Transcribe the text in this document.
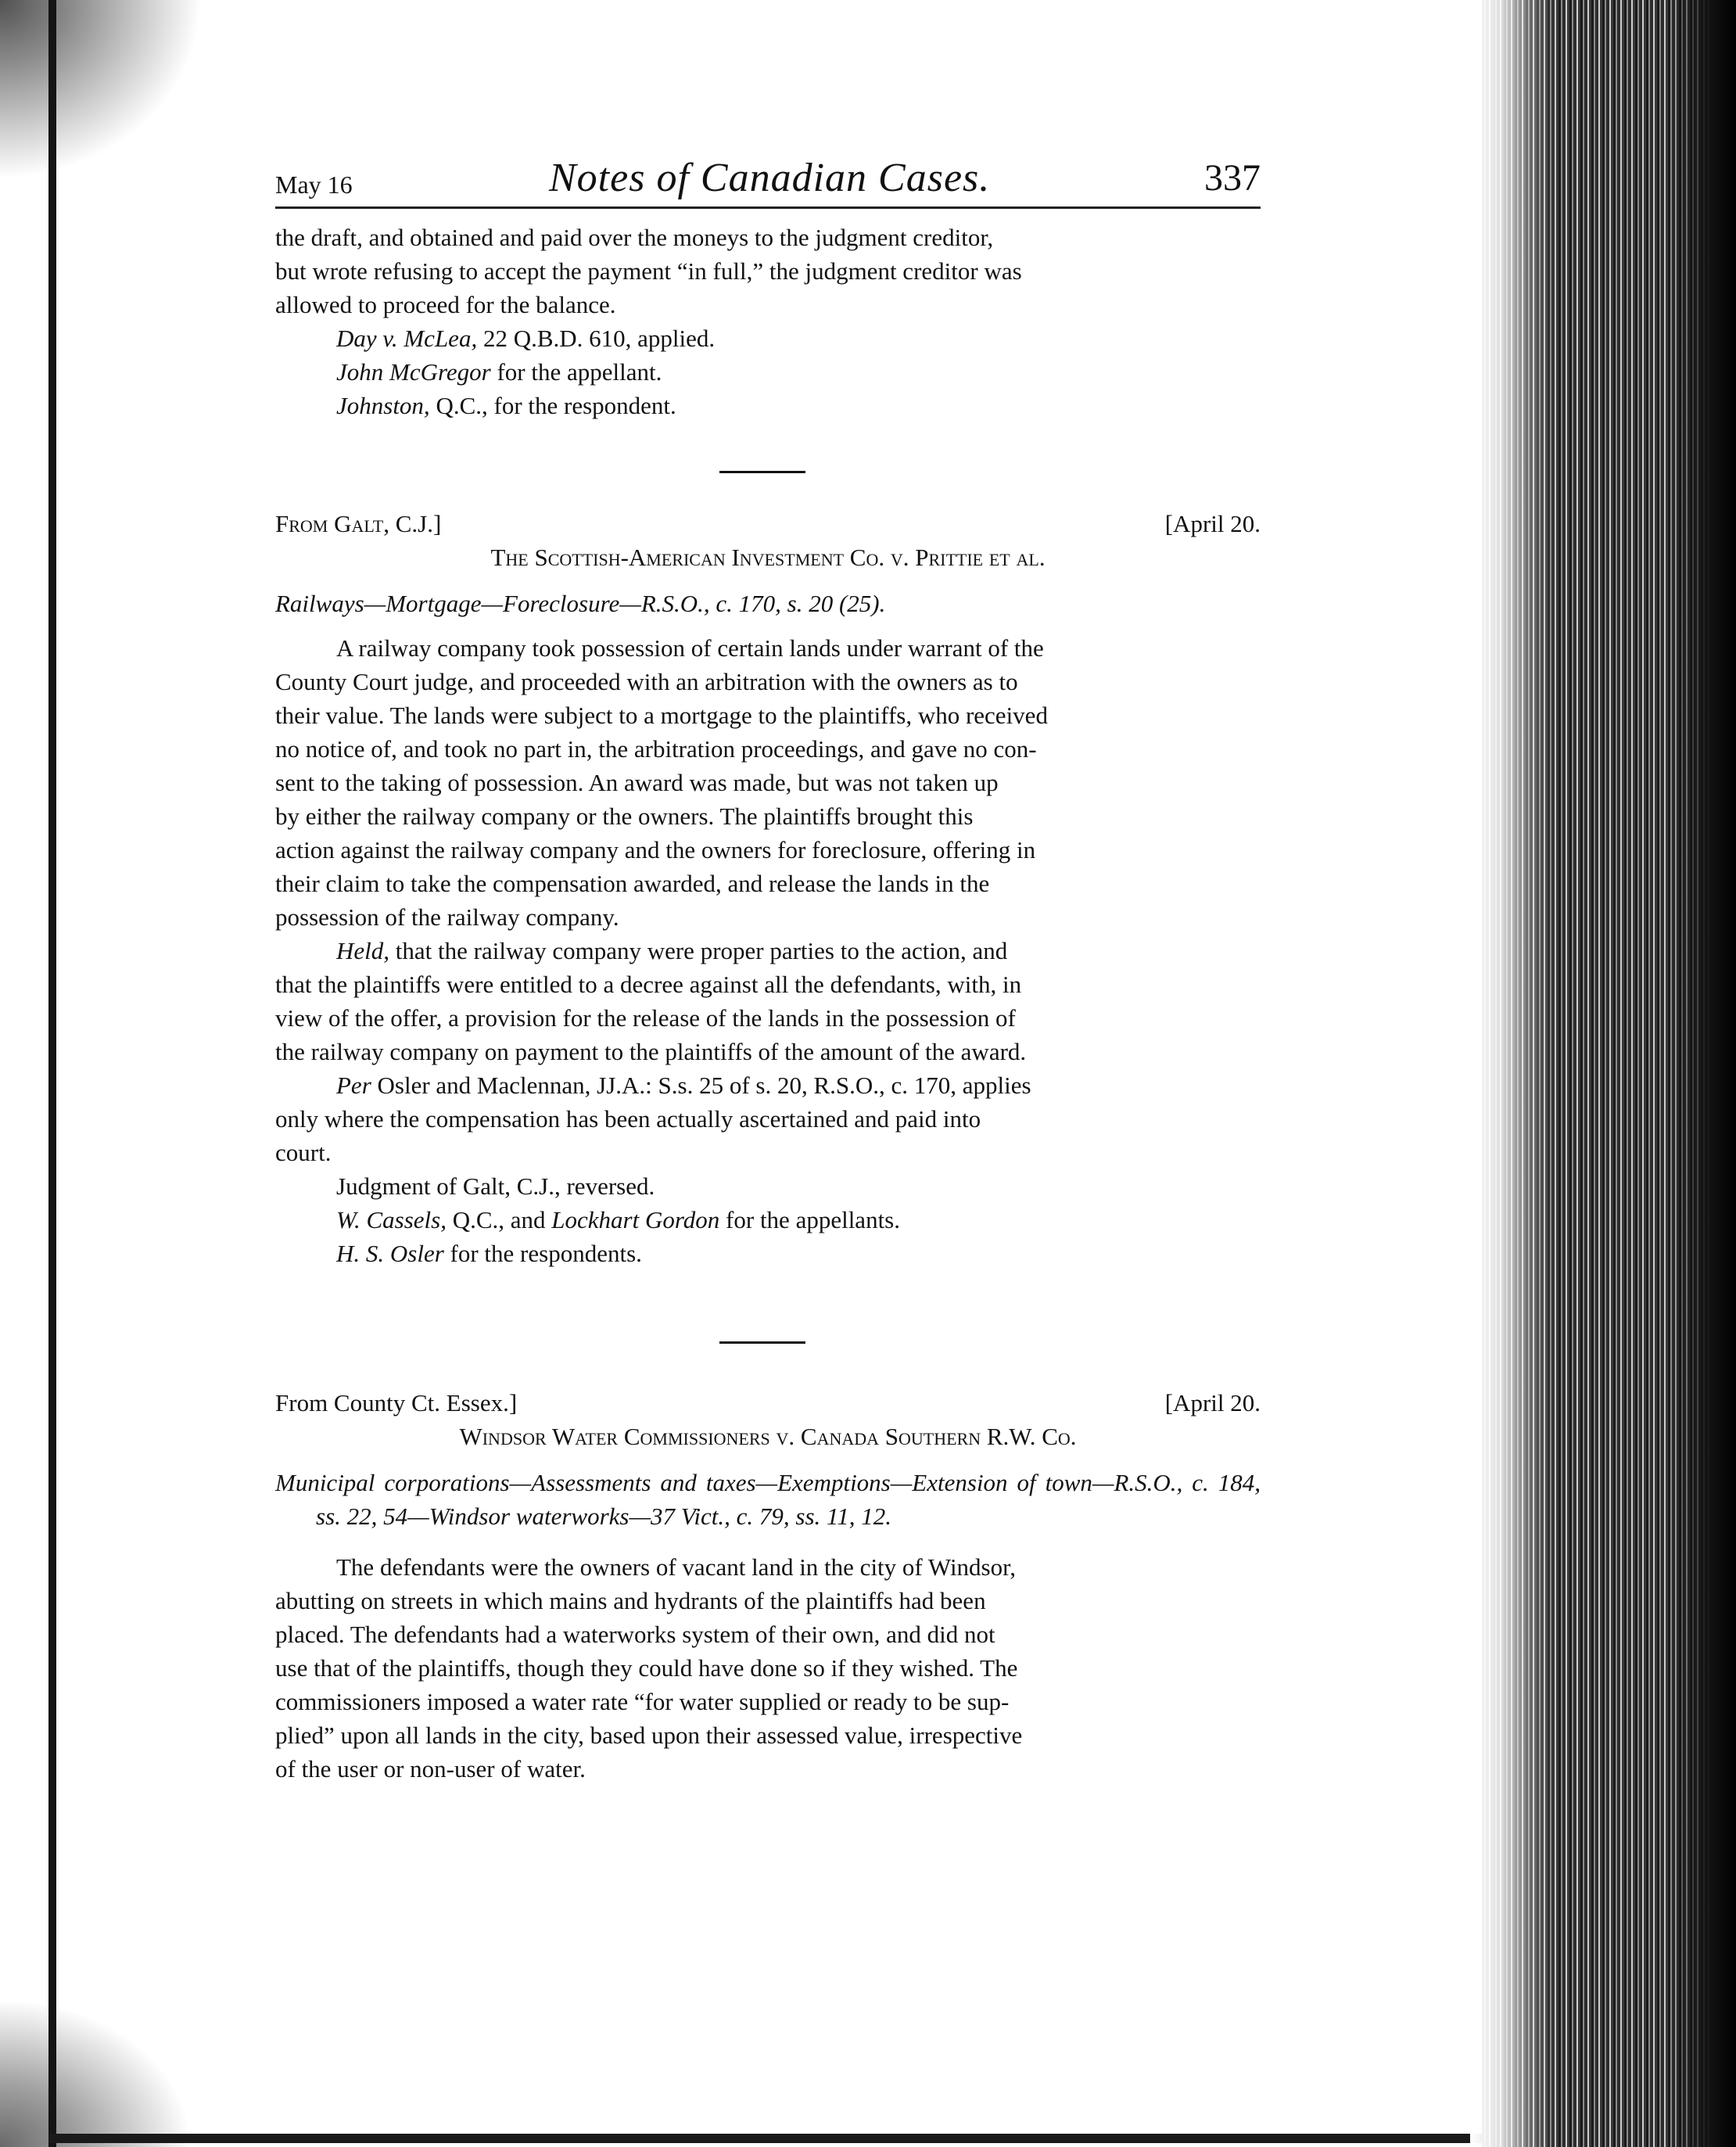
May 16	Notes of Canadian Cases.	337

the draft, and obtained and paid over the moneys to the judgment creditor,

but wrote refusing to accept the payment “in full,” the judgment creditor was

allowed to proceed for the balance.

Day v. McLea, 22 Q.B.D. 610, applied.

John McGregor for the appellant.

Johnston, Q.C., for the respondent.

From Galt, C.J.]	[April 20.

The Scottish-American Investment Co. v. Prittie et al.

Railways—Mortgage—Foreclosure—R.S.O., c. 170, s. 20 (25).

A railway company took possession of certain lands under warrant of the

County Court judge, and proceeded with an arbitration with the owners as to

their value. The lands were subject to a mortgage to the plaintiffs, who received

no notice of, and took no part in, the arbitration proceedings, and gave no con-

sent to the taking of possession. An award was made, but was not taken up

by either the railway company or the owners. The plaintiffs brought this

action against the railway company and the owners for foreclosure, offering in

their claim to take the compensation awarded, and release the lands in the

possession of the railway company.

Held, that the railway company were proper parties to the action, and

that the plaintiffs were entitled to a decree against all the defendants, with, in

view of the offer, a provision for the release of the lands in the possession of

the railway company on payment to the plaintiffs of the amount of the award.

Per Osler and Maclennan, JJ.A.: S.s. 25 of s. 20, R.S.O., c. 170, applies

only where the compensation has been actually ascertained and paid into

court.

Judgment of Galt, C.J., reversed.

W. Cassels, Q.C., and Lockhart Gordon for the appellants.

H. S. Osler for the respondents.

From County Ct. Essex.]	[April 20.

Windsor Water Commissioners v. Canada Southern R.W. Co.

Municipal corporations—Assessments and taxes—Exemptions—Extension of town—R.S.O., c. 184, ss. 22, 54—Windsor waterworks—37 Vict., c. 79, ss. 11, 12.

The defendants were the owners of vacant land in the city of Windsor,

abutting on streets in which mains and hydrants of the plaintiffs had been

placed. The defendants had a waterworks system of their own, and did not

use that of the plaintiffs, though they could have done so if they wished. The

commissioners imposed a water rate “for water supplied or ready to be sup-

plied” upon all lands in the city, based upon their assessed value, irrespective

of the user or non-user of water.
